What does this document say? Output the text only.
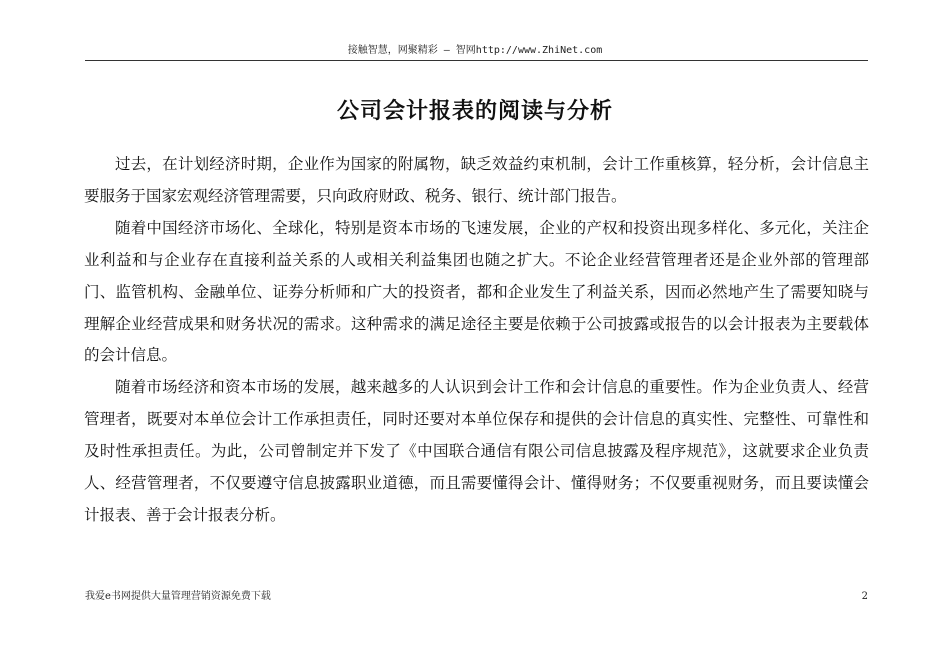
接触智慧，网聚精彩 — 智网http://www.ZhiNet.com
公司会计报表的阅读与分析

过去，在计划经济时期，企业作为国家的附属物，缺乏效益约束机制，会计工作重核算，轻分析，会计信息主要服务于国家宏观经济管理需要，只向政府财政、税务、银行、统计部门报告。

随着中国经济市场化、全球化，特别是资本市场的飞速发展，企业的产权和投资出现多样化、多元化，关注企业利益和与企业存在直接利益关系的人或相关利益集团也随之扩大。不论企业经营管理者还是企业外部的管理部门、监管机构、金融单位、证券分析师和广大的投资者，都和企业发生了利益关系，因而必然地产生了需要知晓与理解企业经营成果和财务状况的需求。这种需求的满足途径主要是依赖于公司披露或报告的以会计报表为主要载体的会计信息。

随着市场经济和资本市场的发展，越来越多的人认识到会计工作和会计信息的重要性。作为企业负责人、经营管理者，既要对本单位会计工作承担责任，同时还要对本单位保存和提供的会计信息的真实性、完整性、可靠性和及时性承担责任。为此，公司曾制定并下发了《中国联合通信有限公司信息披露及程序规范》，这就要求企业负责人、经营管理者，不仅要遵守信息披露职业道德，而且需要懂得会计、懂得财务；不仅要重视财务，而且要读懂会计报表、善于会计报表分析。

我爱e书网提供大量管理营销资源免费下载	2
